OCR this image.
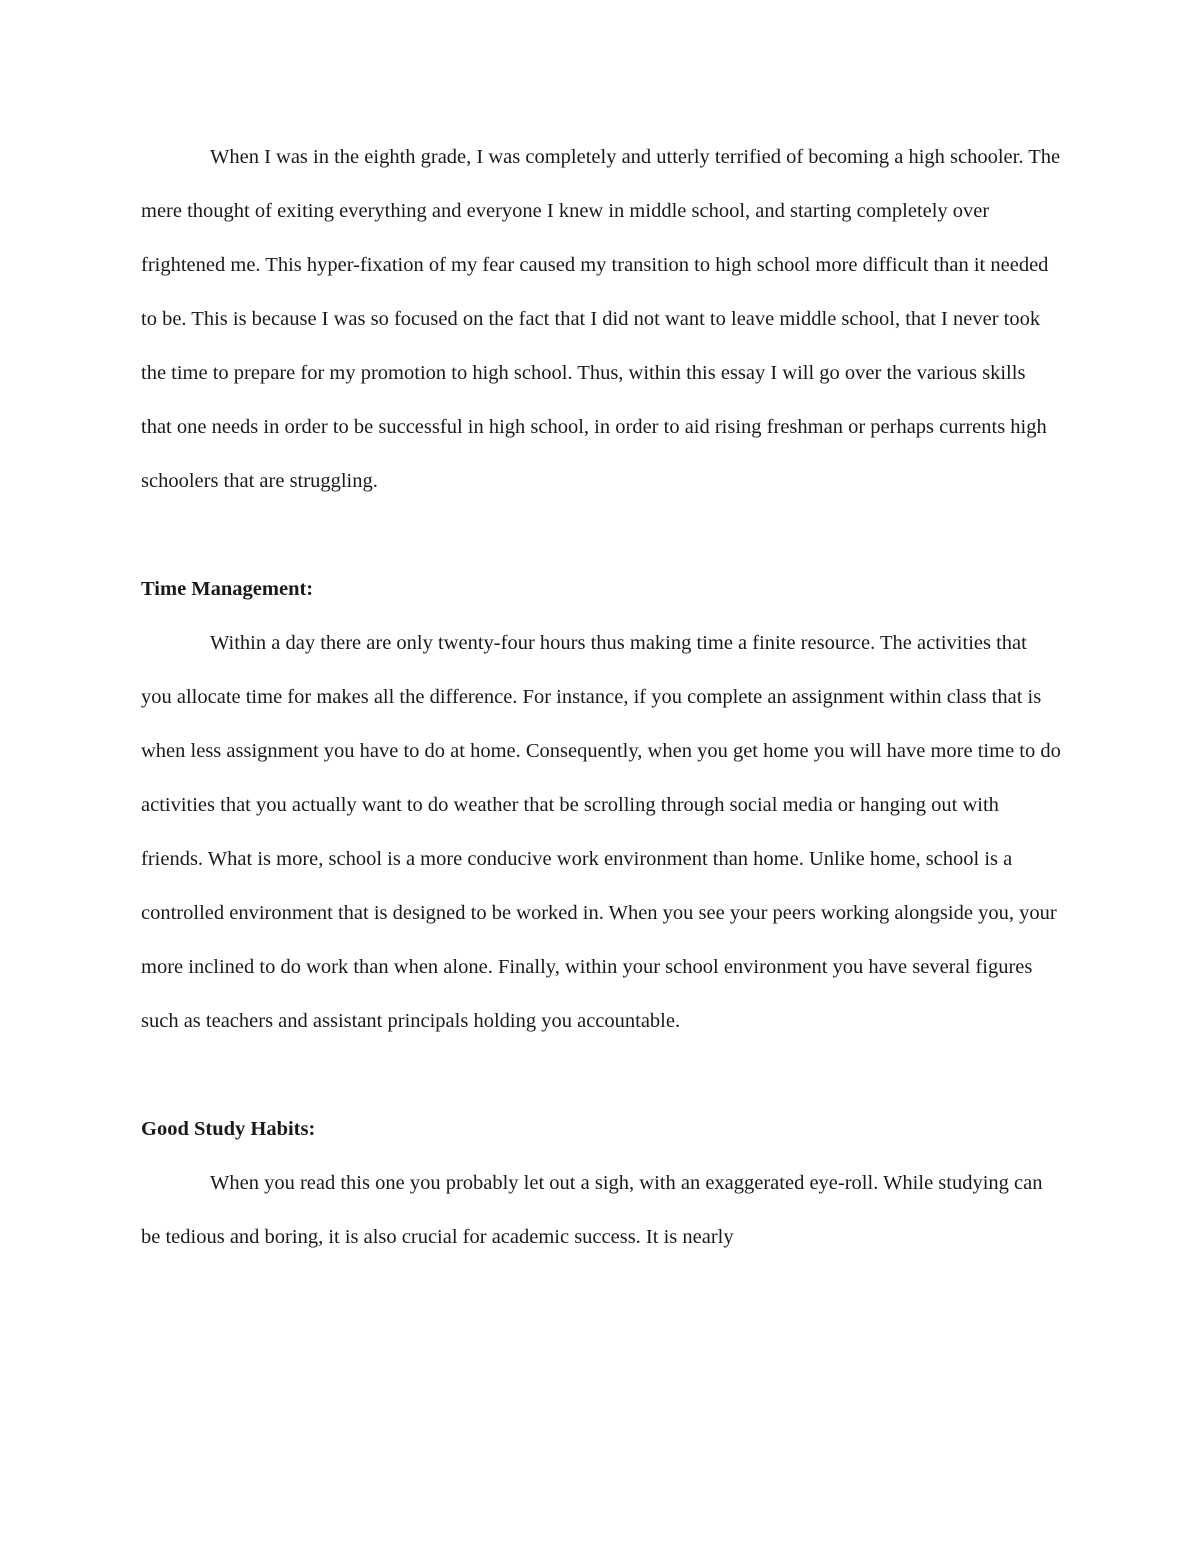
When I was in the eighth grade, I was completely and utterly terrified of becoming a high schooler. The mere thought of exiting everything and everyone I knew in middle school, and starting completely over frightened me. This hyper-fixation of my fear caused my transition to high school more difficult than it needed to be. This is because I was so focused on the fact that I did not want to leave middle school, that I never took the time to prepare for my promotion to high school. Thus, within this essay I will go over the various skills that one needs in order to be successful in high school, in order to aid rising freshman or perhaps currents high schoolers that are struggling.

Time Management:

Within a day there are only twenty-four hours thus making time a finite resource. The activities that you allocate time for makes all the difference. For instance, if you complete an assignment within class that is when less assignment you have to do at home. Consequently, when you get home you will have more time to do activities that you actually want to do weather that be scrolling through social media or hanging out with friends. What is more, school is a more conducive work environment than home. Unlike home, school is a controlled environment that is designed to be worked in. When you see your peers working alongside you, your more inclined to do work than when alone. Finally, within your school environment you have several figures such as teachers and assistant principals holding you accountable.

Good Study Habits:

When you read this one you probably let out a sigh, with an exaggerated eye-roll. While studying can be tedious and boring, it is also crucial for academic success. It is nearly
